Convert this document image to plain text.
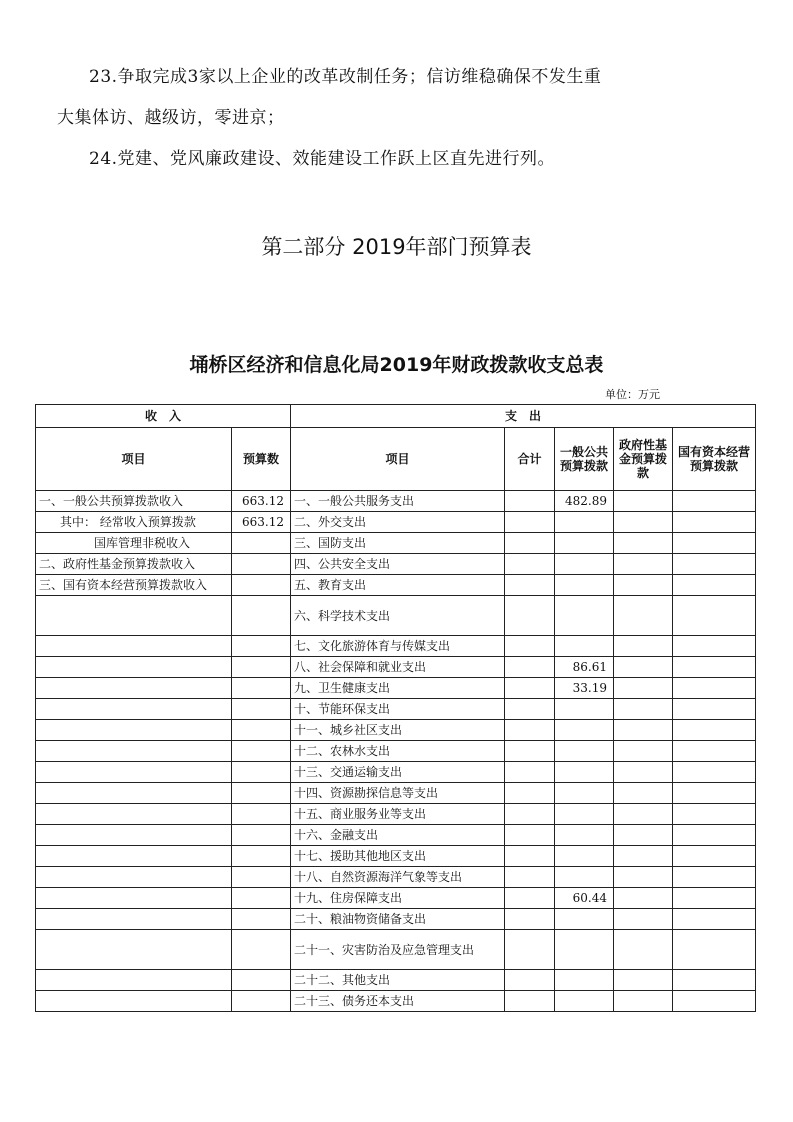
23.争取完成3家以上企业的改革改制任务；信访维稳确保不发生重
大集体访、越级访，零进京；
24.党建、党风廉政建设、效能建设工作跃上区直先进行列。
第二部分 2019年部门预算表
埇桥区经济和信息化局2019年财政拨款收支总表
单位：万元
收　入		支　出				
项目	预算数	项目	合计	一般公共预算拨款	政府性基金预算拨款	国有资本经营预算拨款
一、一般公共预算拨款收入	663.12	一、一般公共服务支出		482.89		
其中： 经常收入预算拨款	663.12	二、外交支出				
国库管理非税收入		三、国防支出				
二、政府性基金预算拨款收入		四、公共安全支出				
三、国有资本经营预算拨款收入		五、教育支出				
		六、科学技术支出				
		七、文化旅游体育与传媒支出				
		八、社会保障和就业支出		86.61		
		九、卫生健康支出		33.19		
		十、节能环保支出				
		十一、城乡社区支出				
		十二、农林水支出				
		十三、交通运输支出				
		十四、资源勘探信息等支出				
		十五、商业服务业等支出				
		十六、金融支出				
		十七、援助其他地区支出				
		十八、自然资源海洋气象等支出				
		十九、住房保障支出		60.44		
		二十、粮油物资储备支出				
		二十一、灾害防治及应急管理支出				
		二十二、其他支出				
		二十三、债务还本支出				
